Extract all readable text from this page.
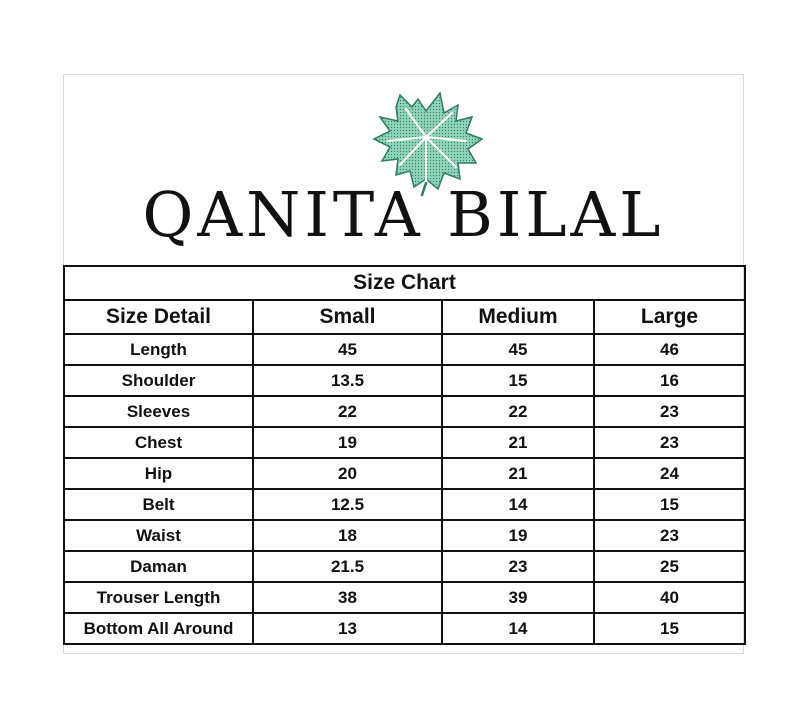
QANITA BILAL
Size Chart			
Size Detail	Small	Medium	Large
Length	45	45	46
Shoulder	13.5	15	16
Sleeves	22	22	23
Chest	19	21	23
Hip	20	21	24
Belt	12.5	14	15
Waist	18	19	23
Daman	21.5	23	25
Trouser Length	38	39	40
Bottom All Around	13	14	15
